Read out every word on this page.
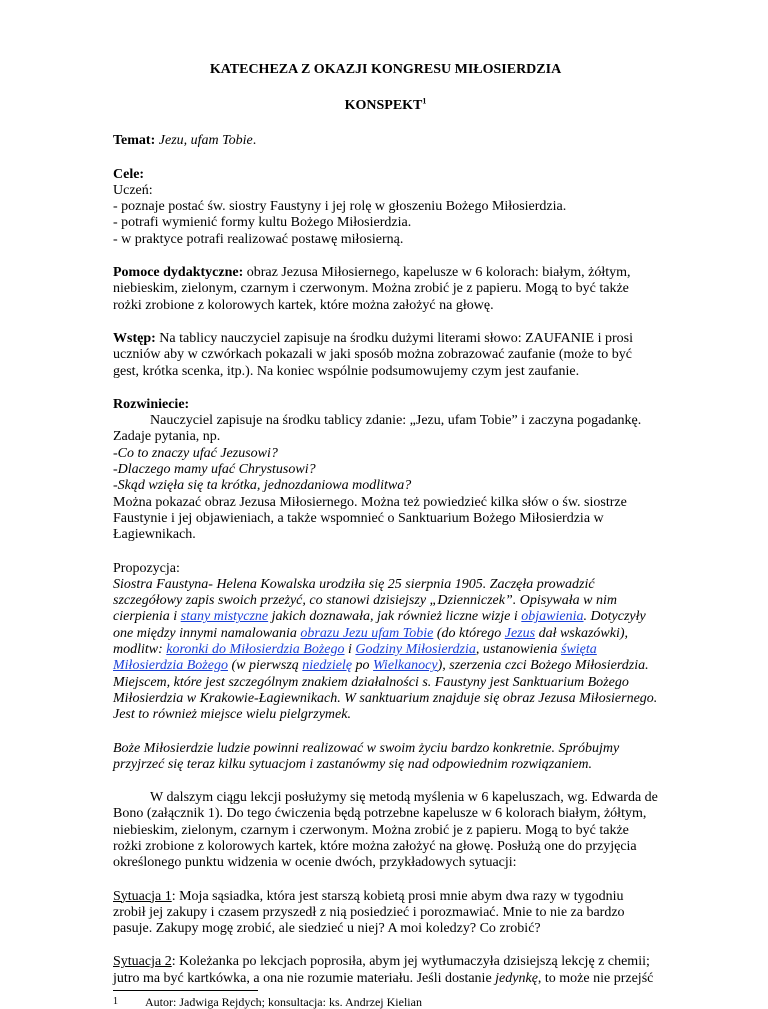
KATECHEZA Z OKAZJI KONGRESU MIŁOSIERDZIA

KONSPEKT$^1$

Temat: Jezu, ufam Tobie.

Cele:

Uczeń:

- poznaje postać św. siostry Faustyny i jej rolę w głoszeniu Bożego Miłosierdzia.

- potrafi wymienić formy kultu Bożego Miłosierdzia.

- w praktyce potrafi realizować postawę miłosierną.

Pomoce dydaktyczne: obraz Jezusa Miłosiernego, kapelusze w 6 kolorach: białym, żółtym, niebieskim, zielonym, czarnym i czerwonym. Można zrobić je z papieru. Mogą to być także rożki zrobione z kolorowych kartek, które można założyć na głowę.

Wstęp: Na tablicy nauczyciel zapisuje na środku dużymi literami słowo: ZAUFANIE i prosi uczniów aby w czwórkach pokazali w jaki sposób można zobrazować zaufanie (może to być gest, krótka scenka, itp.). Na koniec wspólnie podsumowujemy czym jest zaufanie.

Rozwiniecie:

Nauczyciel zapisuje na środku tablicy zdanie: „Jezu, ufam Tobie” i zaczyna pogadankę.

Zadaje pytania, np.

-Co to znaczy ufać Jezusowi?

-Dlaczego mamy ufać Chrystusowi?

-Skąd wzięła się ta krótka, jednozdaniowa modlitwa?

Można pokazać obraz Jezusa Miłosiernego. Można też powiedzieć kilka słów o św. siostrze Faustynie i jej objawieniach, a także wspomnieć o Sanktuarium Bożego Miłosierdzia w Łagiewnikach.

Propozycja:

Siostra Faustyna- Helena Kowalska urodziła się 25 sierpnia 1905. Zaczęła prowadzić szczegółowy zapis swoich przeżyć, co stanowi dzisiejszy „Dzienniczek”. Opisywała w nim cierpienia i stany mistyczne jakich doznawała, jak również liczne wizje i objawienia. Dotyczyły one między innymi namalowania obrazu Jezu ufam Tobie (do którego Jezus dał wskazówki), modlitw: koronki do Miłosierdzia Bożego i Godziny Miłosierdzia, ustanowienia święta Miłosierdzia Bożego (w pierwszą niedzielę po Wielkanocy), szerzenia czci Bożego Miłosierdzia. Miejscem, które jest szczególnym znakiem działalności s. Faustyny jest Sanktuarium Bożego Miłosierdzia w Krakowie-Łagiewnikach. W sanktuarium znajduje się obraz Jezusa Miłosiernego. Jest to również miejsce wielu pielgrzymek.

Boże Miłosierdzie ludzie powinni realizować w swoim życiu bardzo konkretnie. Spróbujmy przyjrzeć się teraz kilku sytuacjom i zastanówmy się nad odpowiednim rozwiązaniem.

W dalszym ciągu lekcji posłużymy się metodą myślenia w 6 kapeluszach, wg. Edwarda de Bono (załącznik 1). Do tego ćwiczenia będą potrzebne kapelusze w 6 kolorach białym, żółtym, niebieskim, zielonym, czarnym i czerwonym. Można zrobić je z papieru. Mogą to być także rożki zrobione z kolorowych kartek, które można założyć na głowę. Posłużą one do przyjęcia określonego punktu widzenia w ocenie dwóch, przykładowych sytuacji:

Sytuacja 1: Moja sąsiadka, która jest starszą kobietą prosi mnie abym dwa razy w tygodniu zrobił jej zakupy i czasem przyszedł z nią posiedzieć i porozmawiać. Mnie to nie za bardzo pasuje. Zakupy mogę zrobić, ale siedzieć u niej? A moi koledzy? Co zrobić?

Sytuacja 2: Koleżanka po lekcjach poprosiła, abym jej wytłumaczyła dzisiejszą lekcję z chemii; jutro ma być kartkówka, a ona nie rozumie materiału. Jeśli dostanie jedynkę, to może nie przejść

1	Autor: Jadwiga Rejdych; konsultacja: ks. Andrzej Kielian
